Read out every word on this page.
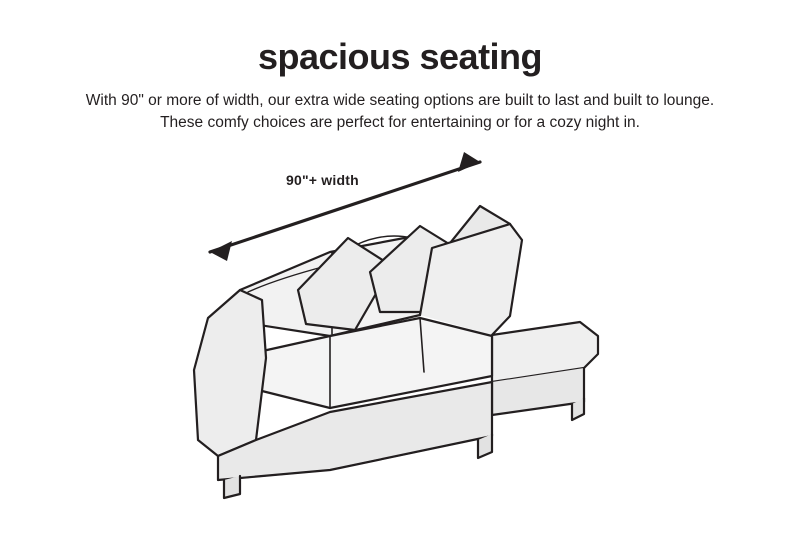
spacious seating
With 90" or more of width, our extra wide seating options are built to last and built to lounge.
These comfy choices are perfect for entertaining or for a cozy night in.
90"+ width
